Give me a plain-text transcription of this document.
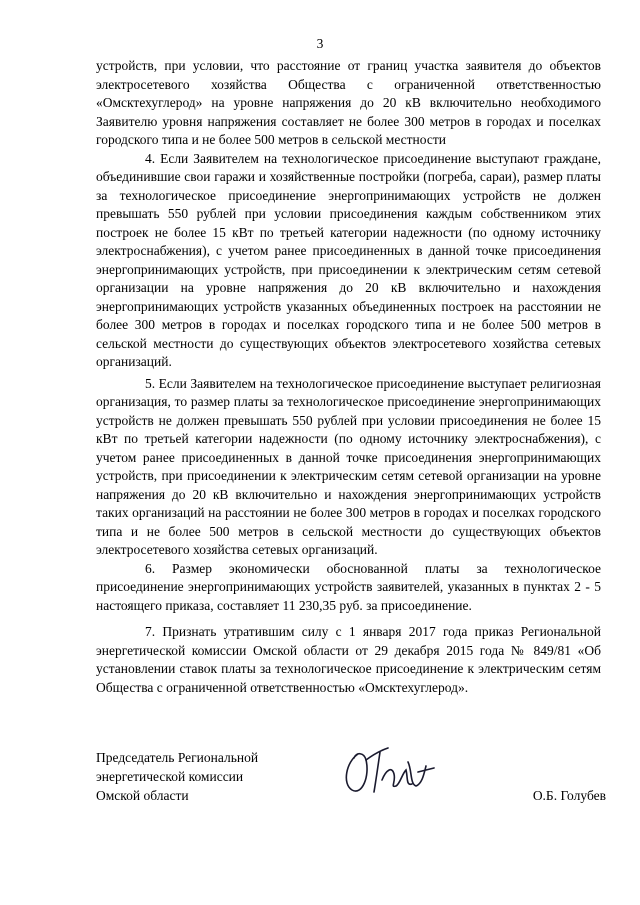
3

устройств, при условии, что расстояние от границ участка заявителя до объектов электросетевого хозяйства Общества с ограниченной ответственностью «Омсктехуглерод» на уровне напряжения до 20 кВ включительно необходимого Заявителю уровня напряжения составляет не более 300 метров в городах и поселках городского типа и не более 500 метров в сельской местности

4. Если Заявителем на технологическое присоединение выступают граждане, объединившие свои гаражи и хозяйственные постройки (погреба, сараи), размер платы за технологическое присоединение энергопринимающих устройств не должен превышать 550 рублей при условии присоединения каждым собственником этих построек не более 15 кВт по третьей категории надежности (по одному источнику электроснабжения), с учетом ранее присоединенных в данной точке присоединения энергопринимающих устройств, при присоединении к электрическим сетям сетевой организации на уровне напряжения до 20 кВ включительно и нахождения энергопринимающих устройств указанных объединенных построек на расстоянии не более 300 метров в городах и поселках городского типа и не более 500 метров в сельской местности до существующих объектов электросетевого хозяйства сетевых организаций.

5. Если Заявителем на технологическое присоединение выступает религиозная организация, то размер платы за технологическое присоединение энергопринимающих устройств не должен превышать 550 рублей при условии присоединения не более 15 кВт по третьей категории надежности (по одному источнику электроснабжения), с учетом ранее присоединенных в данной точке присоединения энергопринимающих устройств, при присоединении к электрическим сетям сетевой организации на уровне напряжения до 20 кВ включительно и нахождения энергопринимающих устройств таких организаций на расстоянии не более 300 метров в городах и поселках городского типа и не более 500 метров в сельской местности до существующих объектов электросетевого хозяйства сетевых организаций.

6. Размер экономически обоснованной платы за технологическое присоединение энергопринимающих устройств заявителей, указанных в пунктах 2 - 5 настоящего приказа, составляет 11 230,35 руб. за присоединение.

7. Признать утратившим силу с 1 января 2017 года приказ Региональной энергетической комиссии Омской области от 29 декабря 2015 года № 849/81 «Об установлении ставок платы за технологическое присоединение к электрическим сетям Общества с ограниченной ответственностью «Омсктехуглерод».

Председатель Региональной
энергетической комиссии
Омской области	О.Б. Голубев
